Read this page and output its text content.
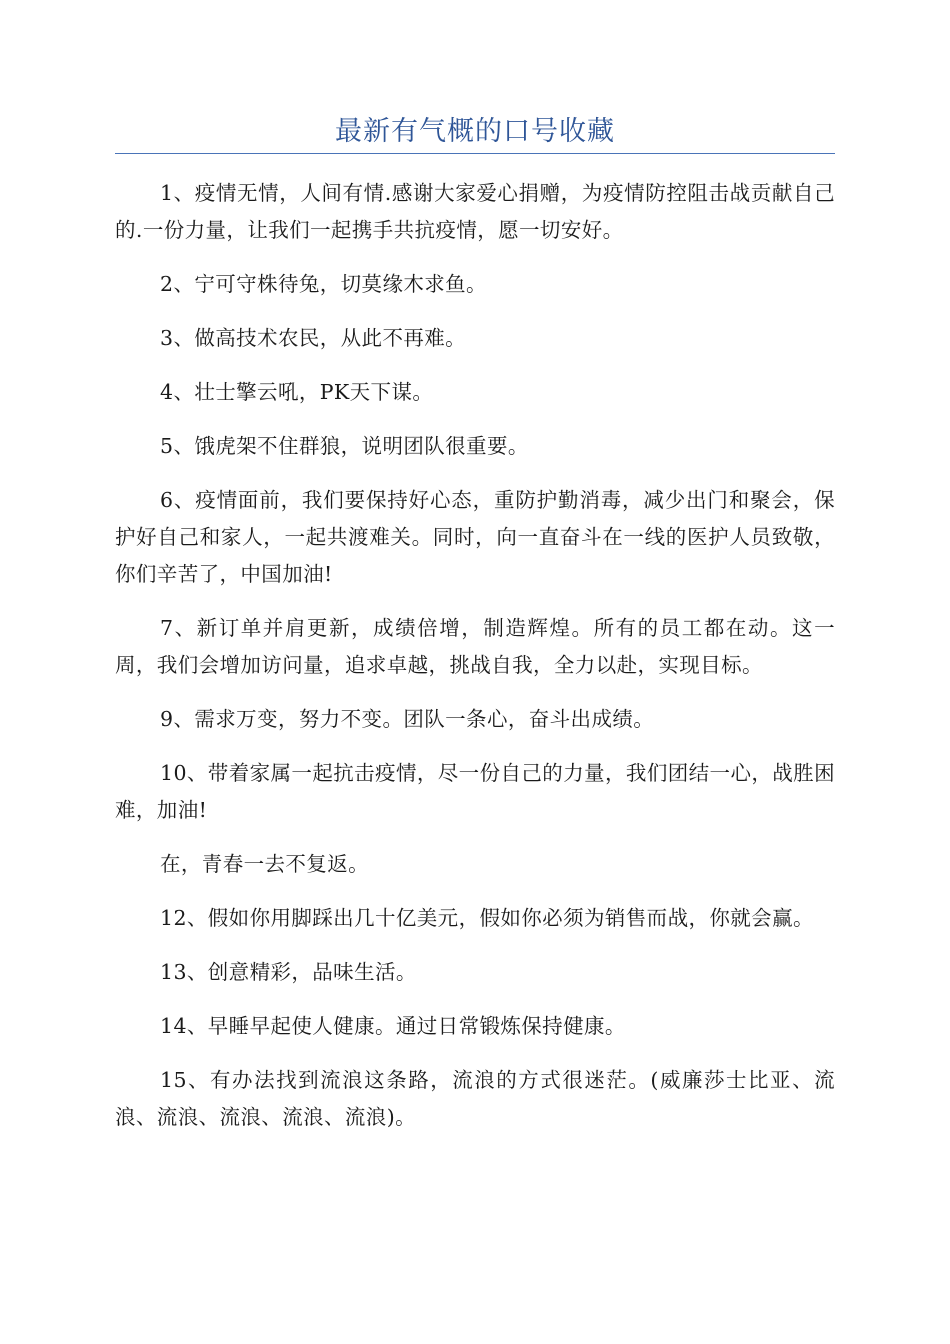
最新有气概的口号收藏

1、疫情无情，人间有情.感谢大家爱心捐赠，为疫情防控阻击战贡献自己的.一份力量，让我们一起携手共抗疫情，愿一切安好。

2、宁可守株待兔，切莫缘木求鱼。

3、做高技术农民，从此不再难。

4、壮士擎云吼，PK天下谋。

5、饿虎架不住群狼，说明团队很重要。

6、疫情面前，我们要保持好心态，重防护勤消毒，减少出门和聚会，保护好自己和家人，一起共渡难关。同时，向一直奋斗在一线的医护人员致敬，你们辛苦了，中国加油!

7、新订单并肩更新，成绩倍增，制造辉煌。所有的员工都在动。这一周，我们会增加访问量，追求卓越，挑战自我，全力以赴，实现目标。

9、需求万变，努力不变。团队一条心，奋斗出成绩。

10、带着家属一起抗击疫情，尽一份自己的力量，我们团结一心，战胜困难，加油!

在，青春一去不复返。

12、假如你用脚踩出几十亿美元，假如你必须为销售而战，你就会赢。

13、创意精彩，品味生活。

14、早睡早起使人健康。通过日常锻炼保持健康。

15、有办法找到流浪这条路，流浪的方式很迷茫。(威廉莎士比亚、流浪、流浪、流浪、流浪、流浪)。
